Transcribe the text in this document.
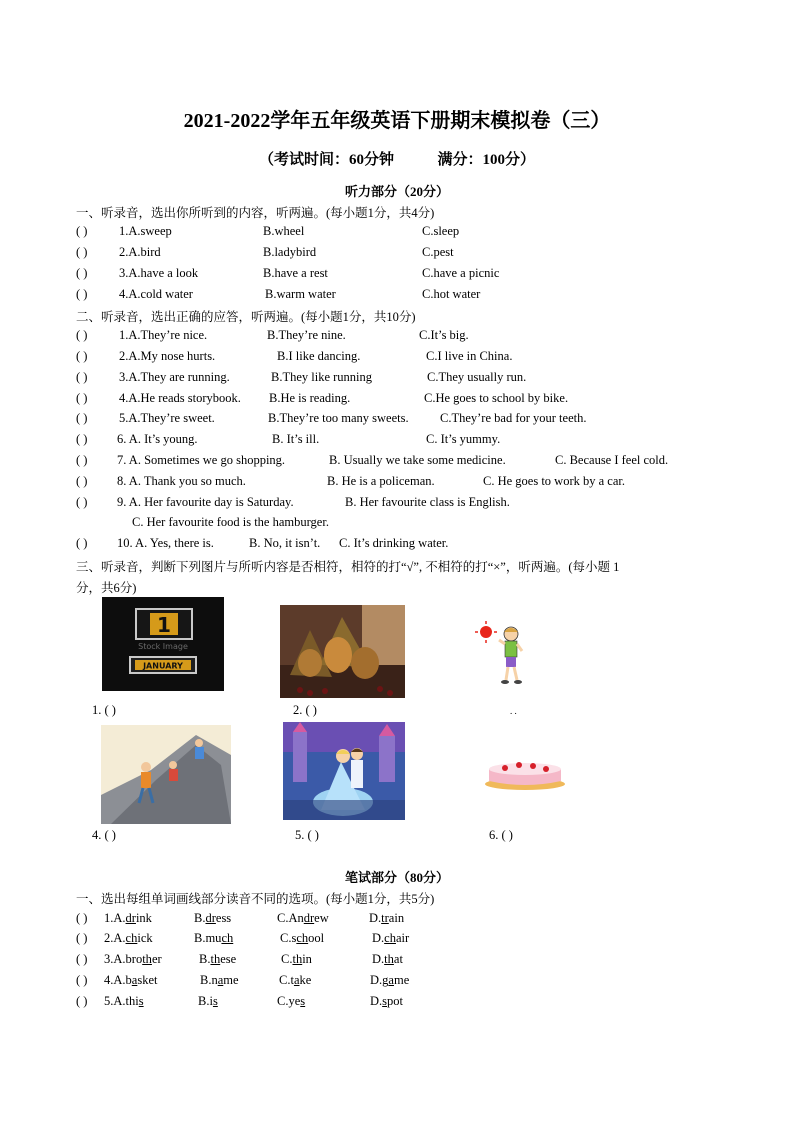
2021-2022学年五年级英语下册期末模拟卷（三）
（考试时间：60分钟	满分：100分）
听力部分（20分）
一、听录音，选出你所听到的内容，听两遍。(每小题1分，共4分)
( )	1.A.sweep	B.wheel	C.sleep
( )	2.A.bird	B.ladybird	C.pest
( )	3.A.have a look	B.have a rest	C.have a picnic
( )	4.A.cold water	B.warm water	C.hot water
二、听录音，选出正确的应答，听两遍。(每小题1分，共10分)
( )	1.A.They’re nice.	B.They’re nine.	C.It’s big.
( )	2.A.My nose hurts.	B.I like dancing.	C.I live in China.
( )	3.A.They are running.	B.They like running	C.They usually run.
( )	4.A.He reads storybook. B.He is reading.	C.He goes to school by bike.
( )	5.A.They’re sweet.	B.They’re too many sweets.	C.They’re bad for your teeth.
( ) 6. A. It’s young.	B. It’s ill.	C. It’s yummy.
( ) 7. A. Sometimes we go shopping.	B. Usually we take some medicine.	C. Because I feel cold.
( ) 8. A. Thank you so much.	B. He is a policeman.	C. He goes to work by a car.
( ) 9. A. Her favourite day is Saturday.	B. Her favourite class is English.
C. Her favourite food is the hamburger.
( ) 10. A. Yes, there is.	B. No, it isn’t. C. It’s drinking water.
三、听录音，判断下列图片与所听内容是否相符，相符的打“√”, 不相符的打“×”，听两遍。(每小题 1
分，共6分)
1
Stock Image
JANUARY
1. ( )	2. ( )	. .
4. ( )	5. ( )	6. ( )
笔试部分（80分）
一、选出每组单词画线部分读音不同的选项。(每小题1分，共5分)
( ) 1.A.drink	B.dress	C.Andrew	D.train
( ) 2.A.chick	B.much	C.school	D.chair
( ) 3.A.brother	B.these	C.thin	D.that
( ) 4.A.basket	B.name	C.take	D.game
( ) 5.A.this	B.is	C.yes	D.spot
